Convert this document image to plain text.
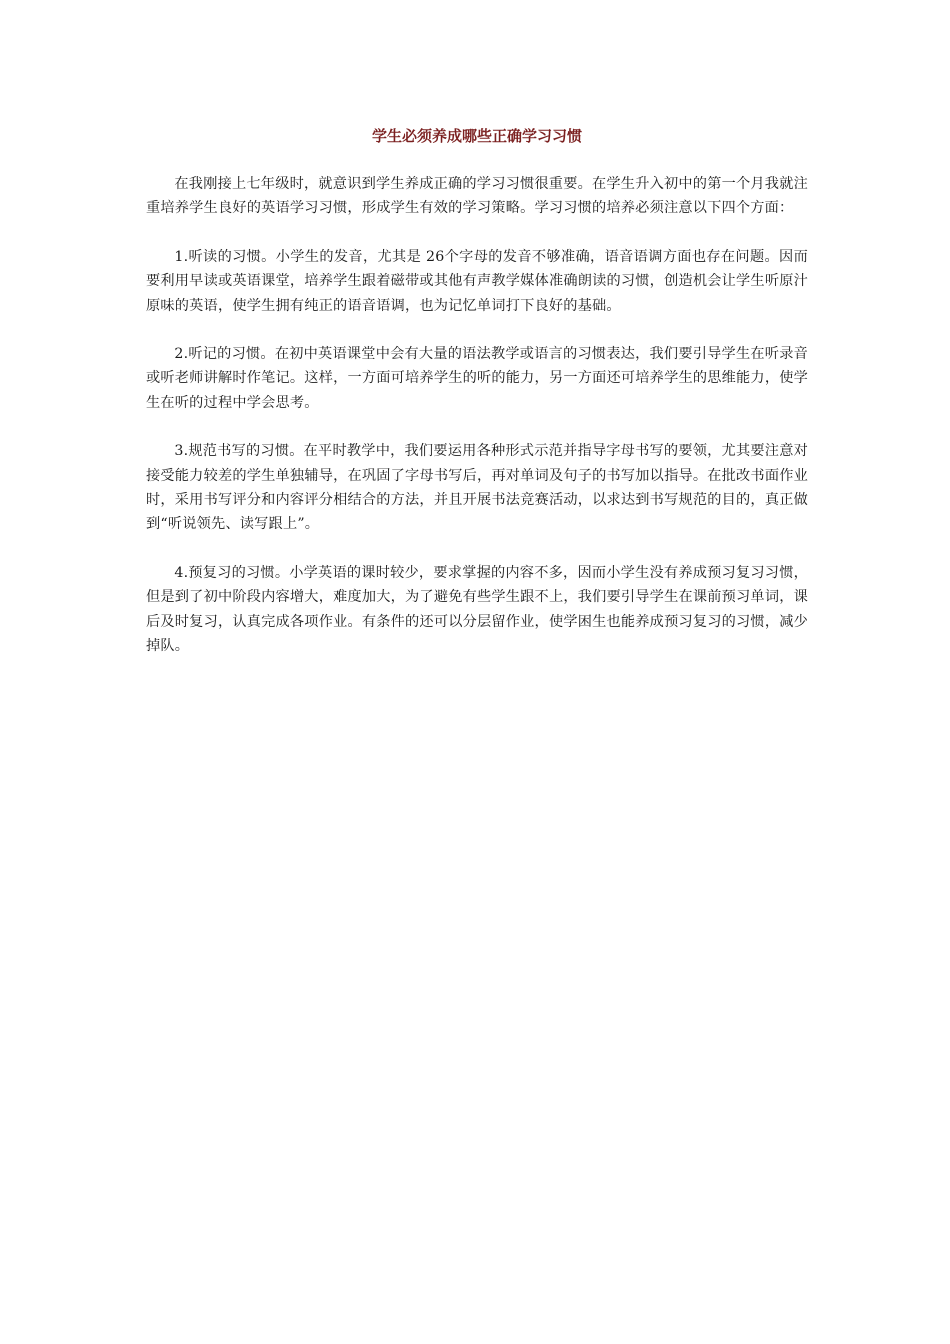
学生必须养成哪些正确学习习惯

在我刚接上七年级时，就意识到学生养成正确的学习习惯很重要。在学生升入初中的第一个月我就注重培养学生良好的英语学习习惯，形成学生有效的学习策略。学习习惯的培养必须注意以下四个方面：

1.听读的习惯。小学生的发音，尤其是 26个字母的发音不够准确，语音语调方面也存在问题。因而要利用早读或英语课堂，培养学生跟着磁带或其他有声教学媒体准确朗读的习惯，创造机会让学生听原汁原味的英语，使学生拥有纯正的语音语调，也为记忆单词打下良好的基础。

2.听记的习惯。在初中英语课堂中会有大量的语法教学或语言的习惯表达，我们要引导学生在听录音或听老师讲解时作笔记。这样，一方面可培养学生的听的能力，另一方面还可培养学生的思维能力，使学生在听的过程中学会思考。

3.规范书写的习惯。在平时教学中，我们要运用各种形式示范并指导字母书写的要领，尤其要注意对接受能力较差的学生单独辅导，在巩固了字母书写后，再对单词及句子的书写加以指导。在批改书面作业时，采用书写评分和内容评分相结合的方法，并且开展书法竞赛活动，以求达到书写规范的目的，真正做到“听说领先、读写跟上”。

4.预复习的习惯。小学英语的课时较少，要求掌握的内容不多，因而小学生没有养成预习复习习惯，但是到了初中阶段内容增大，难度加大，为了避免有些学生跟不上，我们要引导学生在课前预习单词，课后及时复习，认真完成各项作业。有条件的还可以分层留作业，使学困生也能养成预习复习的习惯，减少掉队。
